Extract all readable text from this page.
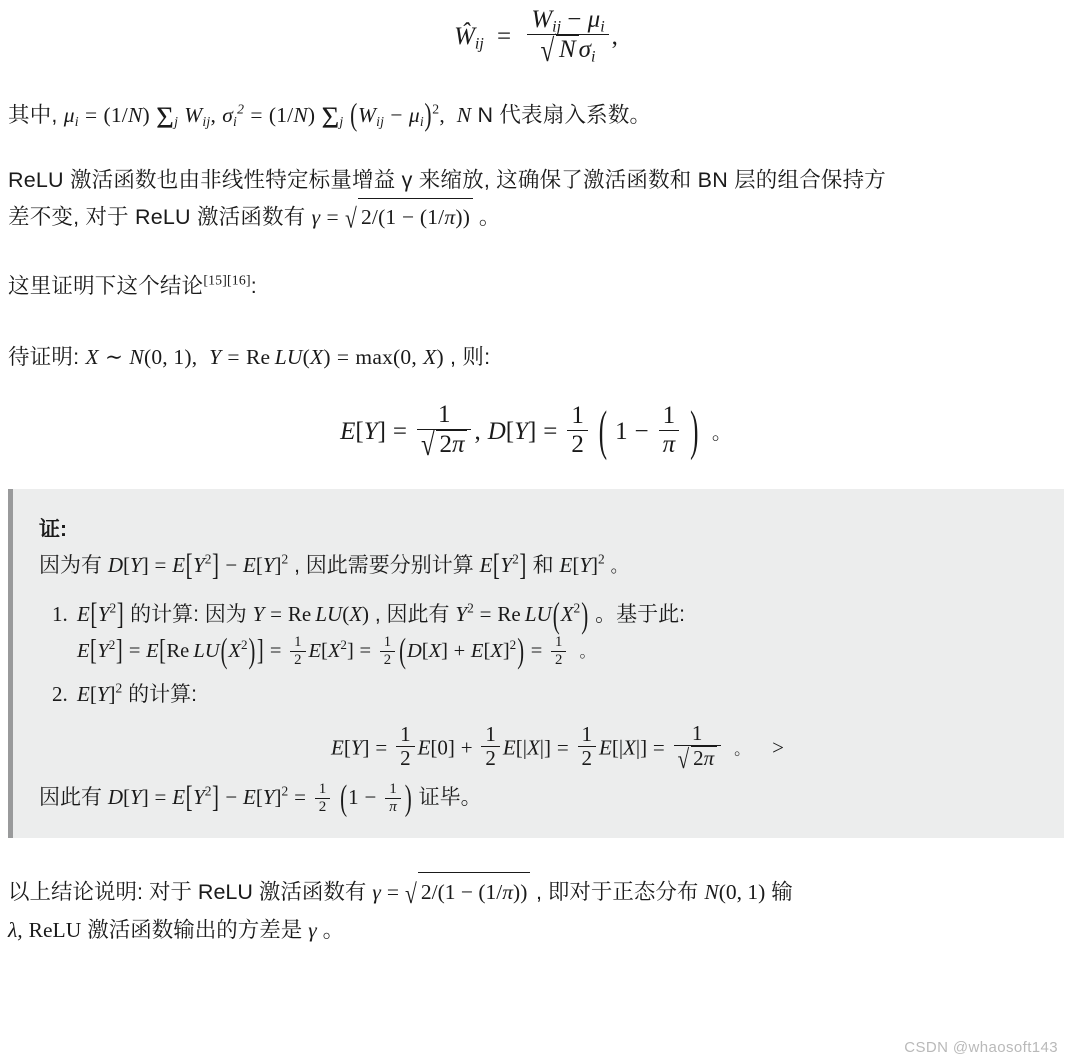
$Ŵ_{ij} = W_{ij} - \mu_i$
√ N $\sigma_i$ ,
其中, $\mu_i = (1/N)$ $\Sigma_j$ $W_{ij}$, $\sigma_i^2 = (1/N)$ $\Sigma_j$ $(W_{ij} - \mu_i)^2$,  N N 代表扇入系数。
ReLU 激活函数也由非线性特定标量增益 γ 来缩放, 这确保了激活函数和 BN 层的组合保持方
差不变, 对于 ReLU 激活函数有 γ = √ 2/(1 − (1/π)) 。
这里证明下这个结论[15][16]:
待证明: X ∼ N(0, 1),  Y = Re LU(X) = max(0, X) , 则:
E[Y] = 1
√ 2π , $D[Y] = \frac{1}{2}$ ( $1 - \frac{1}{\pi}$ )  。
证:
因为有 $D[Y] = E[Y^2] - E[Y]^2$ , 因此需要分别计算 $E[Y^2]$ 和 $E[Y]^2$ 。
1. $E[Y^2]$ 的计算: 因为 Y = Re LU(X) , 因此有 $Y^2 = Re$ $LU(X^2)$ 。基于此:
$E[Y^2] = E[Re$ $LU(X^2)] = \frac{1}{2} E[X^2] = \frac{1}{2} (D[X] + E[X]^2) = \frac{1}{2}$ 。
2. $E[Y]^2$ 的计算:
$E[Y] = \frac{1}{2} E[0] + \frac{1}{2} E[|X|] = \frac{1}{2} E[|X|] = 1$
√ 2π 。 >
因此有 $D[Y] = E[Y^2] - E[Y]^2 = \frac{1}{2} (1 - \frac{1}{\pi}$ ) 证毕。
以上结论说明: 对于 ReLU 激活函数有 γ = √ 2/(1 − (1/π)) , 即对于正态分布 N(0, 1) 输
λ, ReLU 激活函数输出的方差是 γ 。
CSDN @whaosoft143
